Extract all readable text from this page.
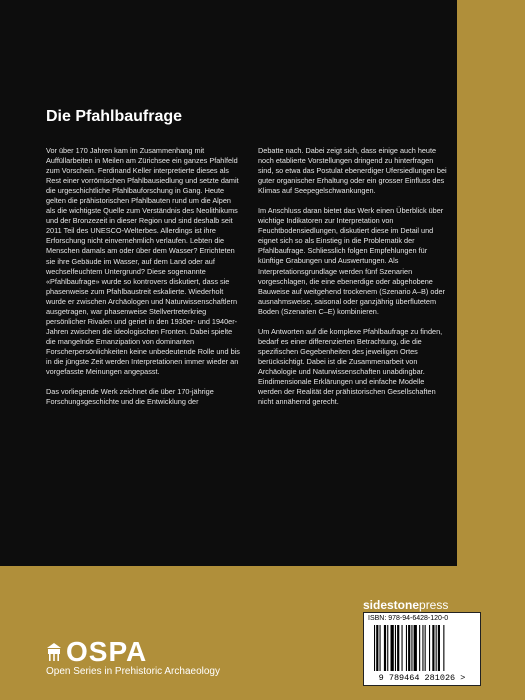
Die Pfahlbaufrage

Vor über 170 Jahren kam im Zusammenhang mit Auffüllarbeiten in Meilen am Zürichsee ein ganzes Pfahlfeld zum Vorschein. Ferdinand Keller interpretierte dieses als Rest einer vorrömischen Pfahlbausiedlung und setzte damit die urgeschichtliche Pfahlbauforschung in Gang. Heute gelten die prähistorischen Pfahlbauten rund um die Alpen als die wichtigste Quelle zum Verständnis des Neolithikums und der Bronzezeit in dieser Region und sind deshalb seit 2011 Teil des UNESCO-Welterbes. Allerdings ist ihre Erforschung nicht einvernehmlich verlaufen. Lebten die Menschen damals am oder über dem Wasser? Errichteten sie ihre Gebäude im Wasser, auf dem Land oder auf wechselfeuchtem Untergrund? Diese sogenannte «Pfahlbaufrage» wurde so kontrovers diskutiert, dass sie phasenweise zum Pfahlbaustreit eskalierte. Wiederholt wurde er zwischen Archäologen und Naturwissenschaftlern ausgetragen, war phasenweise Stellvertreterkrieg persönlicher Rivalen und geriet in den 1930er- und 1940er-Jahren zwischen die ideologischen Fronten. Dabei spielte die mangelnde Emanzipation von dominanten Forscherpersönlichkeiten keine unbedeutende Rolle und bis in die jüngste Zeit werden Interpretationen immer wieder an vorgefasste Meinungen angepasst.

Das vorliegende Werk zeichnet die über 170-jährige Forschungsgeschichte und die Entwicklung der

Debatte nach. Dabei zeigt sich, dass einige auch heute noch etablierte Vorstellungen dringend zu hinterfragen sind, so etwa das Postulat ebenerdiger Ufersiedlungen bei guter organischer Erhaltung oder ein grosser Einfluss des Klimas auf Seepegelschwankungen.

Im Anschluss daran bietet das Werk einen Überblick über wichtige Indikatoren zur Interpretation von Feuchtbodensiedlungen, diskutiert diese im Detail und eignet sich so als Einstieg in die Problematik der Pfahlbaufrage. Schliesslich folgen Empfehlungen für künftige Grabungen und Auswertungen. Als Interpretationsgrundlage werden fünf Szenarien vorgeschlagen, die eine ebenerdige oder abgehobene Bauweise auf weitgehend trockenem (Szenario A–B) oder ausnahmsweise, saisonal oder ganzjährig überflutetem Boden (Szenarien C–E) kombinieren.

Um Antworten auf die komplexe Pfahlbaufrage zu finden, bedarf es einer differenzierten Betrachtung, die die spezifischen Gegebenheiten des jeweiligen Ortes berücksichtigt. Dabei ist die Zusammenarbeit von Archäologie und Naturwissenschaften unabdingbar. Eindimensionale Erklärungen und einfache Modelle werden der Realität der prähistorischen Gesellschaften nicht annähernd gerecht.

OSPA
Open Series in Prehistoric Archaeology
sidestonepress
ISBN: 978-94-6428-120-0
9 789464 281026 >
